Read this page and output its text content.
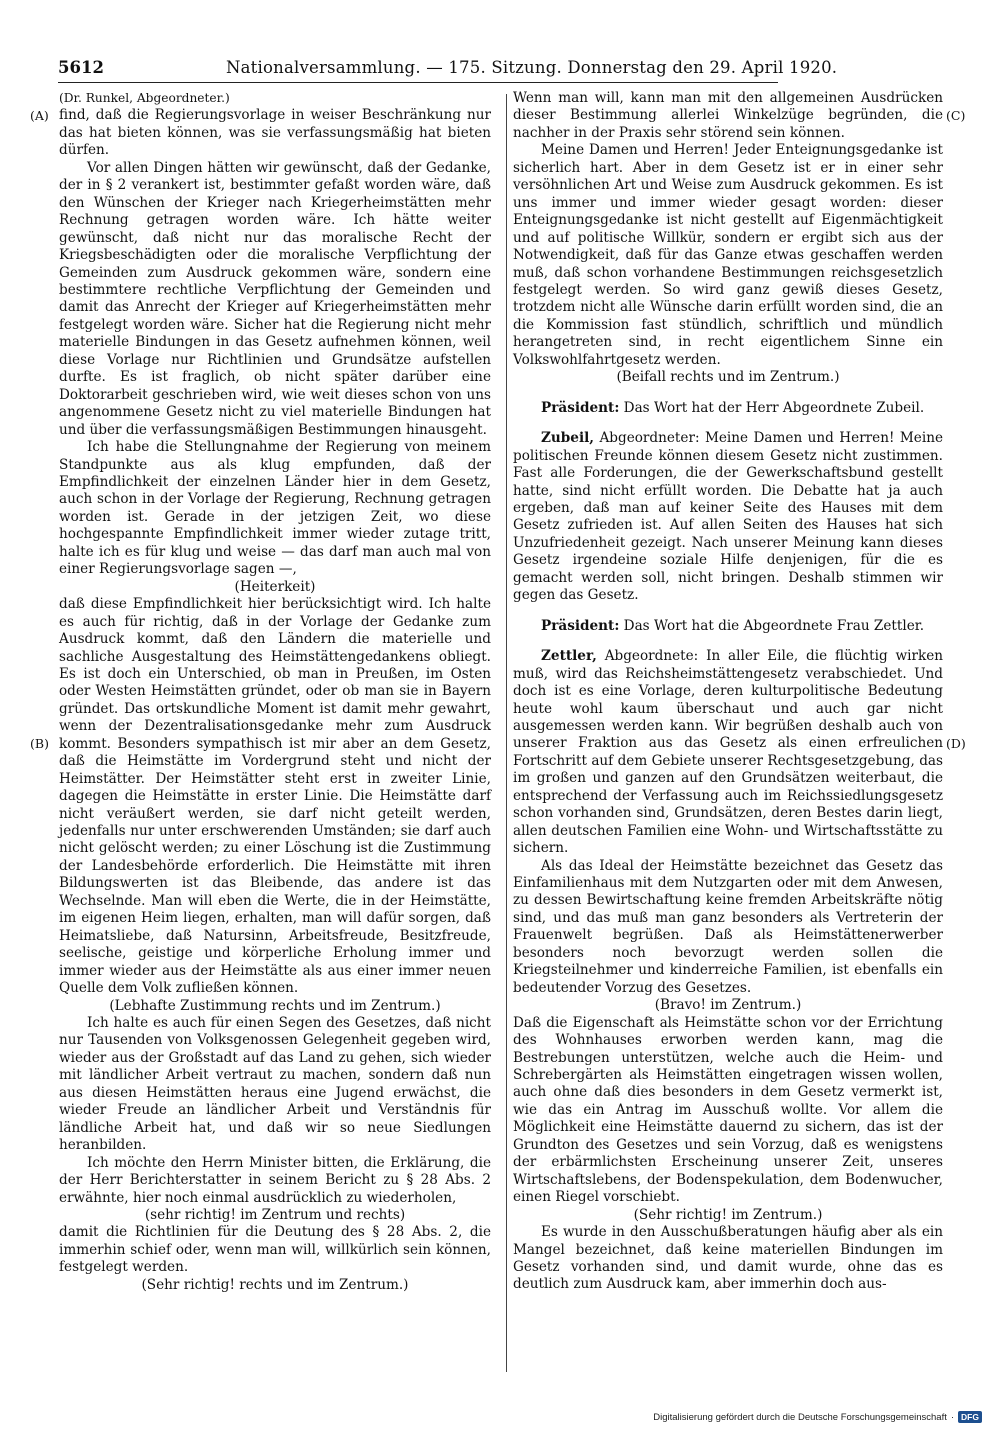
5612	Nationalversammlung. — 175. Sitzung. Donnerstag den 29. April 1920.
(A)
(B)
(C)
(D)

(Dr. Runkel, Abgeordneter.)

find, daß die Regierungsvorlage in weiser Beschränkung nur das hat bieten können, was sie verfassungsmäßig hat bieten dürfen.

Vor allen Dingen hätten wir gewünscht, daß der Gedanke, der in § 2 verankert ist, bestimmter gefaßt worden wäre, daß den Wünschen der Krieger nach Kriegerheimstätten mehr Rechnung getragen worden wäre. Ich hätte weiter gewünscht, daß nicht nur das moralische Recht der Kriegsbeschädigten oder die moralische Verpflichtung der Gemeinden zum Ausdruck gekommen wäre, sondern eine bestimmtere rechtliche Verpflichtung der Gemeinden und damit das Anrecht der Krieger auf Kriegerheimstätten mehr festgelegt worden wäre. Sicher hat die Regierung nicht mehr materielle Bindungen in das Gesetz aufnehmen können, weil diese Vorlage nur Richtlinien und Grundsätze aufstellen durfte. Es ist fraglich, ob nicht später darüber eine Doktorarbeit geschrieben wird, wie weit dieses schon von uns angenommene Gesetz nicht zu viel materielle Bindungen hat und über die verfassungsmäßigen Bestimmungen hinausgeht.

Ich habe die Stellungnahme der Regierung von meinem Standpunkte aus als klug empfunden, daß der Empfindlichkeit der einzelnen Länder hier in dem Gesetz, auch schon in der Vorlage der Regierung, Rechnung getragen worden ist. Gerade in der jetzigen Zeit, wo diese hochgespannte Empfindlichkeit immer wieder zutage tritt, halte ich es für klug und weise — das darf man auch mal von einer Regierungsvorlage sagen —,

(Heiterkeit)

daß diese Empfindlichkeit hier berücksichtigt wird. Ich halte es auch für richtig, daß in der Vorlage der Gedanke zum Ausdruck kommt, daß den Ländern die materielle und sachliche Ausgestaltung des Heimstättengedankens obliegt. Es ist doch ein Unterschied, ob man in Preußen, im Osten oder Westen Heimstätten gründet, oder ob man sie in Bayern gründet. Das ortskundliche Moment ist damit mehr gewahrt, wenn der Dezentralisationsgedanke mehr zum Ausdruck kommt. Besonders sympathisch ist mir aber an dem Gesetz, daß die Heimstätte im Vordergrund steht und nicht der Heimstätter. Der Heimstätter steht erst in zweiter Linie, dagegen die Heimstätte in erster Linie. Die Heimstätte darf nicht veräußert werden, sie darf nicht geteilt werden, jedenfalls nur unter erschwerenden Umständen; sie darf auch nicht gelöscht werden; zu einer Löschung ist die Zustimmung der Landesbehörde erforderlich. Die Heimstätte mit ihren Bildungswerten ist das Bleibende, das andere ist das Wechselnde. Man will eben die Werte, die in der Heimstätte, im eigenen Heim liegen, erhalten, man will dafür sorgen, daß Heimatsliebe, daß Natursinn, Arbeitsfreude, Besitzfreude, seelische, geistige und körperliche Erholung immer und immer wieder aus der Heimstätte als aus einer immer neuen Quelle dem Volk zufließen können.

(Lebhafte Zustimmung rechts und im Zentrum.)

Ich halte es auch für einen Segen des Gesetzes, daß nicht nur Tausenden von Volksgenossen Gelegenheit gegeben wird, wieder aus der Großstadt auf das Land zu gehen, sich wieder mit ländlicher Arbeit vertraut zu machen, sondern daß nun aus diesen Heimstätten heraus eine Jugend erwächst, die wieder Freude an ländlicher Arbeit und Verständnis für ländliche Arbeit hat, und daß wir so neue Siedlungen heranbilden.

Ich möchte den Herrn Minister bitten, die Erklärung, die der Herr Berichterstatter in seinem Bericht zu § 28 Abs. 2 erwähnte, hier noch einmal ausdrücklich zu wiederholen,

(sehr richtig! im Zentrum und rechts)

damit die Richtlinien für die Deutung des § 28 Abs. 2, die immerhin schief oder, wenn man will, willkürlich sein können, festgelegt werden.

(Sehr richtig! rechts und im Zentrum.)

Wenn man will, kann man mit den allgemeinen Ausdrücken dieser Bestimmung allerlei Winkelzüge begründen, die nachher in der Praxis sehr störend sein können.

Meine Damen und Herren! Jeder Enteignungsgedanke ist sicherlich hart. Aber in dem Gesetz ist er in einer sehr versöhnlichen Art und Weise zum Ausdruck gekommen. Es ist uns immer und immer wieder gesagt worden: dieser Enteignungsgedanke ist nicht gestellt auf Eigenmächtigkeit und auf politische Willkür, sondern er ergibt sich aus der Notwendigkeit, daß für das Ganze etwas geschaffen werden muß, daß schon vorhandene Bestimmungen reichsgesetzlich festgelegt werden. So wird ganz gewiß dieses Gesetz, trotzdem nicht alle Wünsche darin erfüllt worden sind, die an die Kommission fast stündlich, schriftlich und mündlich herangetreten sind, in recht eigentlichem Sinne ein Volkswohlfahrtgesetz werden.

(Beifall rechts und im Zentrum.)

Präsident: Das Wort hat der Herr Abgeordnete Zubeil.

Zubeil, Abgeordneter: Meine Damen und Herren! Meine politischen Freunde können diesem Gesetz nicht zustimmen. Fast alle Forderungen, die der Gewerkschaftsbund gestellt hatte, sind nicht erfüllt worden. Die Debatte hat ja auch ergeben, daß man auf keiner Seite des Hauses mit dem Gesetz zufrieden ist. Auf allen Seiten des Hauses hat sich Unzufriedenheit gezeigt. Nach unserer Meinung kann dieses Gesetz irgendeine soziale Hilfe denjenigen, für die es gemacht werden soll, nicht bringen. Deshalb stimmen wir gegen das Gesetz.

Präsident: Das Wort hat die Abgeordnete Frau Zettler.

Zettler, Abgeordnete: In aller Eile, die flüchtig wirken muß, wird das Reichsheimstättengesetz verabschiedet. Und doch ist es eine Vorlage, deren kulturpolitische Bedeutung heute wohl kaum überschaut und auch gar nicht ausgemessen werden kann. Wir begrüßen deshalb auch von unserer Fraktion aus das Gesetz als einen erfreulichen Fortschritt auf dem Gebiete unserer Rechtsgesetzgebung, das im großen und ganzen auf den Grundsätzen weiterbaut, die entsprechend der Verfassung auch im Reichssiedlungsgesetz schon vorhanden sind, Grundsätzen, deren Bestes darin liegt, allen deutschen Familien eine Wohn- und Wirtschaftsstätte zu sichern.

Als das Ideal der Heimstätte bezeichnet das Gesetz das Einfamilienhaus mit dem Nutzgarten oder mit dem Anwesen, zu dessen Bewirtschaftung keine fremden Arbeitskräfte nötig sind, und das muß man ganz besonders als Vertreterin der Frauenwelt begrüßen. Daß als Heimstättenerwerber besonders noch bevorzugt werden sollen die Kriegsteilnehmer und kinderreiche Familien, ist ebenfalls ein bedeutender Vorzug des Gesetzes.

(Bravo! im Zentrum.)

Daß die Eigenschaft als Heimstätte schon vor der Errichtung des Wohnhauses erworben werden kann, mag die Bestrebungen unterstützen, welche auch die Heim- und Schrebergärten als Heimstätten eingetragen wissen wollen, auch ohne daß dies besonders in dem Gesetz vermerkt ist, wie das ein Antrag im Ausschuß wollte. Vor allem die Möglichkeit eine Heimstätte dauernd zu sichern, das ist der Grundton des Gesetzes und sein Vorzug, daß es wenigstens der erbärmlichsten Erscheinung unserer Zeit, unseres Wirtschaftslebens, der Bodenspekulation, dem Bodenwucher, einen Riegel vorschiebt.

(Sehr richtig! im Zentrum.)

Es wurde in den Ausschußberatungen häufig aber als ein Mangel bezeichnet, daß keine materiellen Bindungen im Gesetz vorhanden sind, und damit wurde, ohne das es deutlich zum Ausdruck kam, aber immerhin doch aus-

Digitalisierung gefördert durch die Deutsche Forschungsgemeinschaft · DFG
